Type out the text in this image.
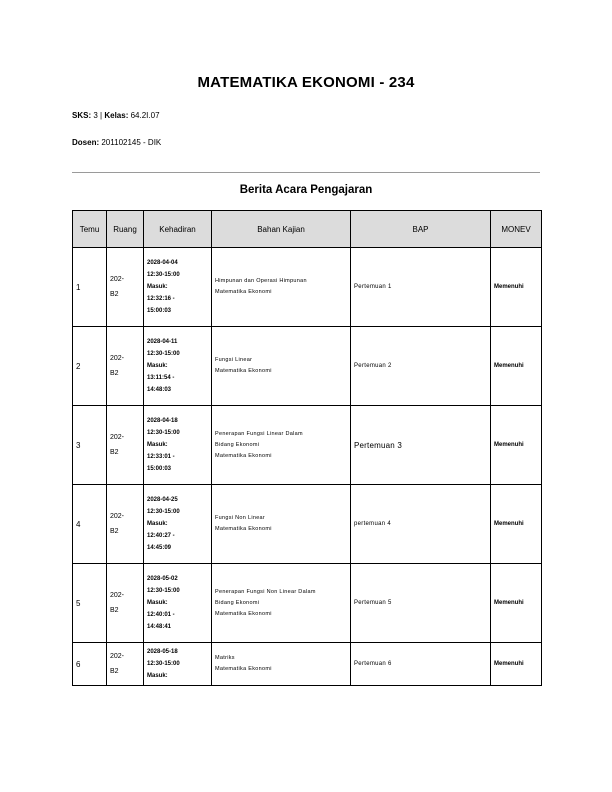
MATEMATIKA EKONOMI - 234
SKS: 3 | Kelas: 64.2I.07
Dosen: 201102145 - DIK
Berita Acara Pengajaran
Temu	Ruang	Kehadiran	Bahan Kajian	BAP	MONEV
1	202-
B2	2028-04-04
12:30-15:00
Masuk:
12:32:16 -
15:00:03	Himpunan dan Operasi Himpunan
Matematika Ekonomi	Pertemuan 1	Memenuhi
2	202-
B2	2028-04-11
12:30-15:00
Masuk:
13:11:54 -
14:48:03	Fungsi Linear
Matematika Ekonomi	Pertemuan 2	Memenuhi
3	202-
B2	2028-04-18
12:30-15:00
Masuk:
12:33:01 -
15:00:03	Penerapan Fungsi Linear Dalam
Bidang Ekonomi
Matematika Ekonomi	Pertemuan 3	Memenuhi
4	202-
B2	2028-04-25
12:30-15:00
Masuk:
12:40:27 -
14:45:09	Fungsi Non Linear
Matematika Ekonomi	pertemuan 4	Memenuhi
5	202-
B2	2028-05-02
12:30-15:00
Masuk:
12:40:01 -
14:48:41	Penerapan Fungsi Non Linear Dalam
Bidang Ekonomi
Matematika Ekonomi	Pertemuan 5	Memenuhi
6	202-
B2	2028-05-18
12:30-15:00
Masuk:	Matriks
Matematika Ekonomi	Pertemuan 6	Memenuhi
